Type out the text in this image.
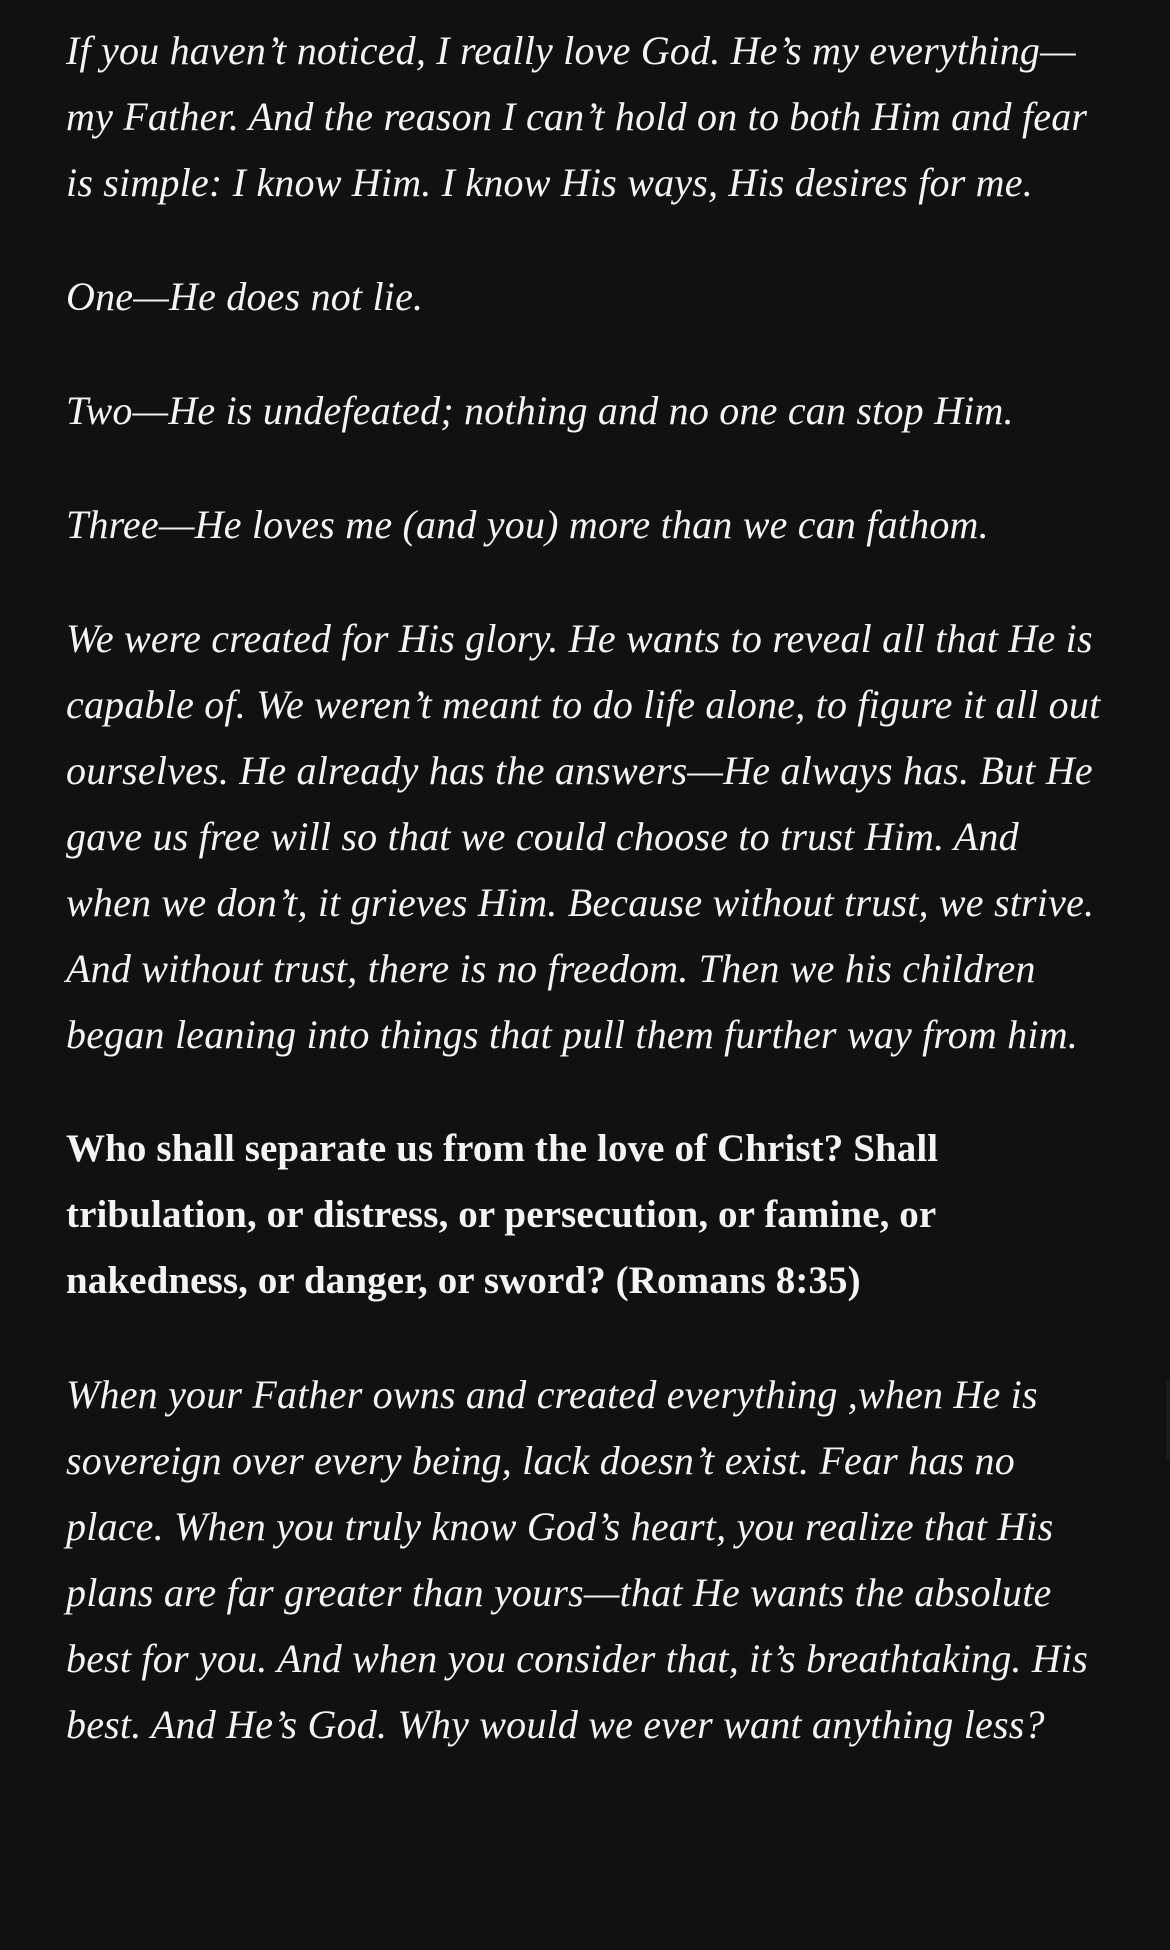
If you haven’t noticed, I really love God. He’s my everything—my Father. And the reason I can’t hold on to both Him and fear is simple: I know Him. I know His ways, His desires for me.

One—He does not lie.

Two—He is undefeated; nothing and no one can stop Him.

Three—He loves me (and you) more than we can fathom.

We were created for His glory. He wants to reveal all that He is capable of. We weren’t meant to do life alone, to figure it all out ourselves. He already has the answers—He always has. But He gave us free will so that we could choose to trust Him. And when we don’t, it grieves Him. Because without trust, we strive. And without trust, there is no freedom. Then we his children began leaning into things that pull them further way from him.

Who shall separate us from the love of Christ? Shall tribulation, or distress, or persecution, or famine, or nakedness, or danger, or sword? (Romans 8:35)

When your Father owns and created everything ,when He is sovereign over every being, lack doesn’t exist. Fear has no place. When you truly know God’s heart, you realize that His plans are far greater than yours—that He wants the absolute best for you. And when you consider that, it’s breathtaking. His best. And He’s God. Why would we ever want anything less?
